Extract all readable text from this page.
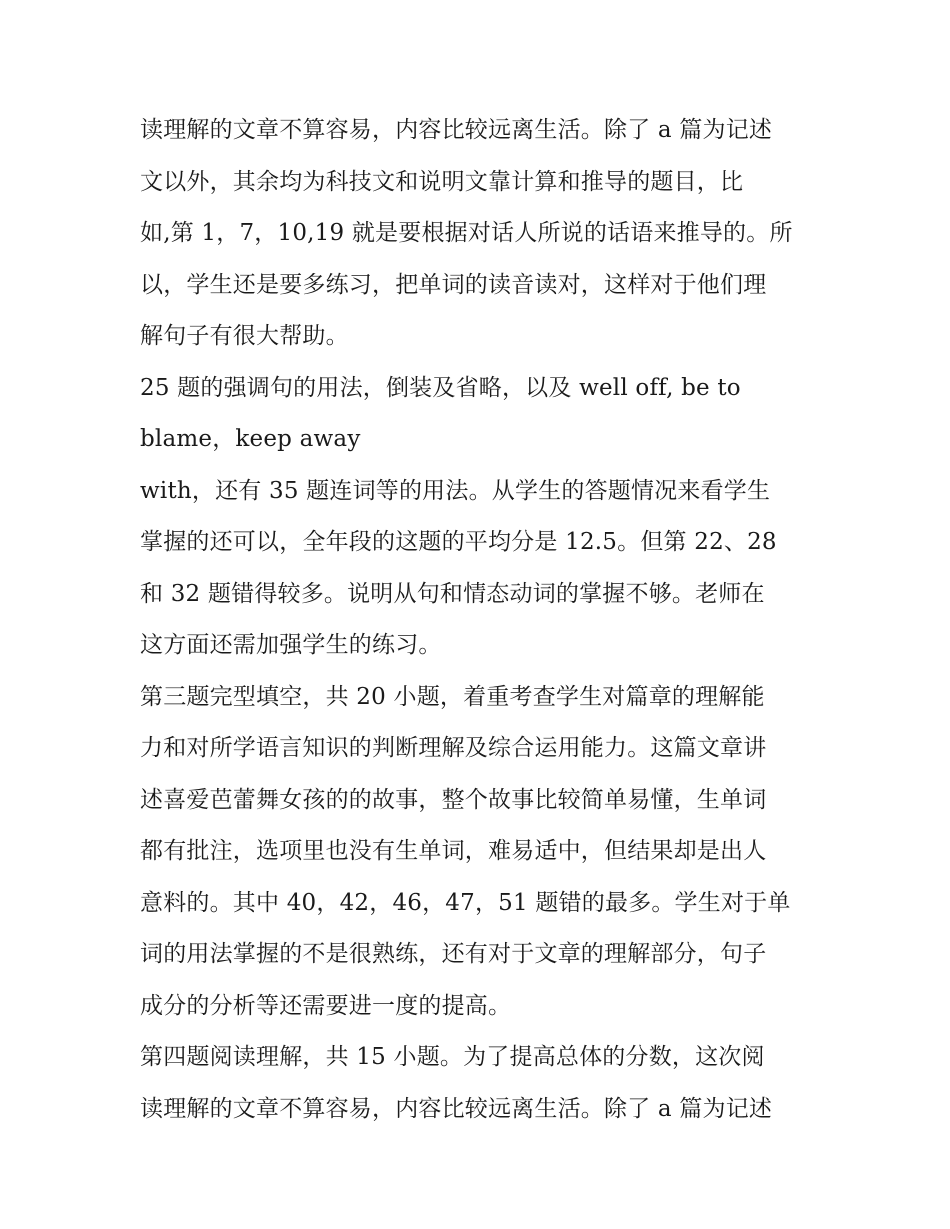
读理解的文章不算容易，内容比较远离生活。除了 a 篇为记述
文以外，其余均为科技文和说明文靠计算和推导的题目，比
如,第 1，7，10,19 就是要根据对话人所说的话语来推导的。所
以，学生还是要多练习，把单词的读音读对，这样对于他们理
解句子有很大帮助。
25 题的强调句的用法，倒装及省略，以及 well off, be to
blame，keep away
with，还有 35 题连词等的用法。从学生的答题情况来看学生
掌握的还可以，全年段的这题的平均分是 12.5。但第 22、28
和 32 题错得较多。说明从句和情态动词的掌握不够。老师在
这方面还需加强学生的练习。
第三题完型填空，共 20 小题，着重考查学生对篇章的理解能
力和对所学语言知识的判断理解及综合运用能力。这篇文章讲
述喜爱芭蕾舞女孩的的故事，整个故事比较简单易懂，生单词
都有批注，选项里也没有生单词，难易适中，但结果却是出人
意料的。其中 40，42，46，47，51 题错的最多。学生对于单
词的用法掌握的不是很熟练，还有对于文章的理解部分，句子
成分的分析等还需要进一度的提高。
第四题阅读理解，共 15 小题。为了提高总体的分数，这次阅
读理解的文章不算容易，内容比较远离生活。除了 a 篇为记述
